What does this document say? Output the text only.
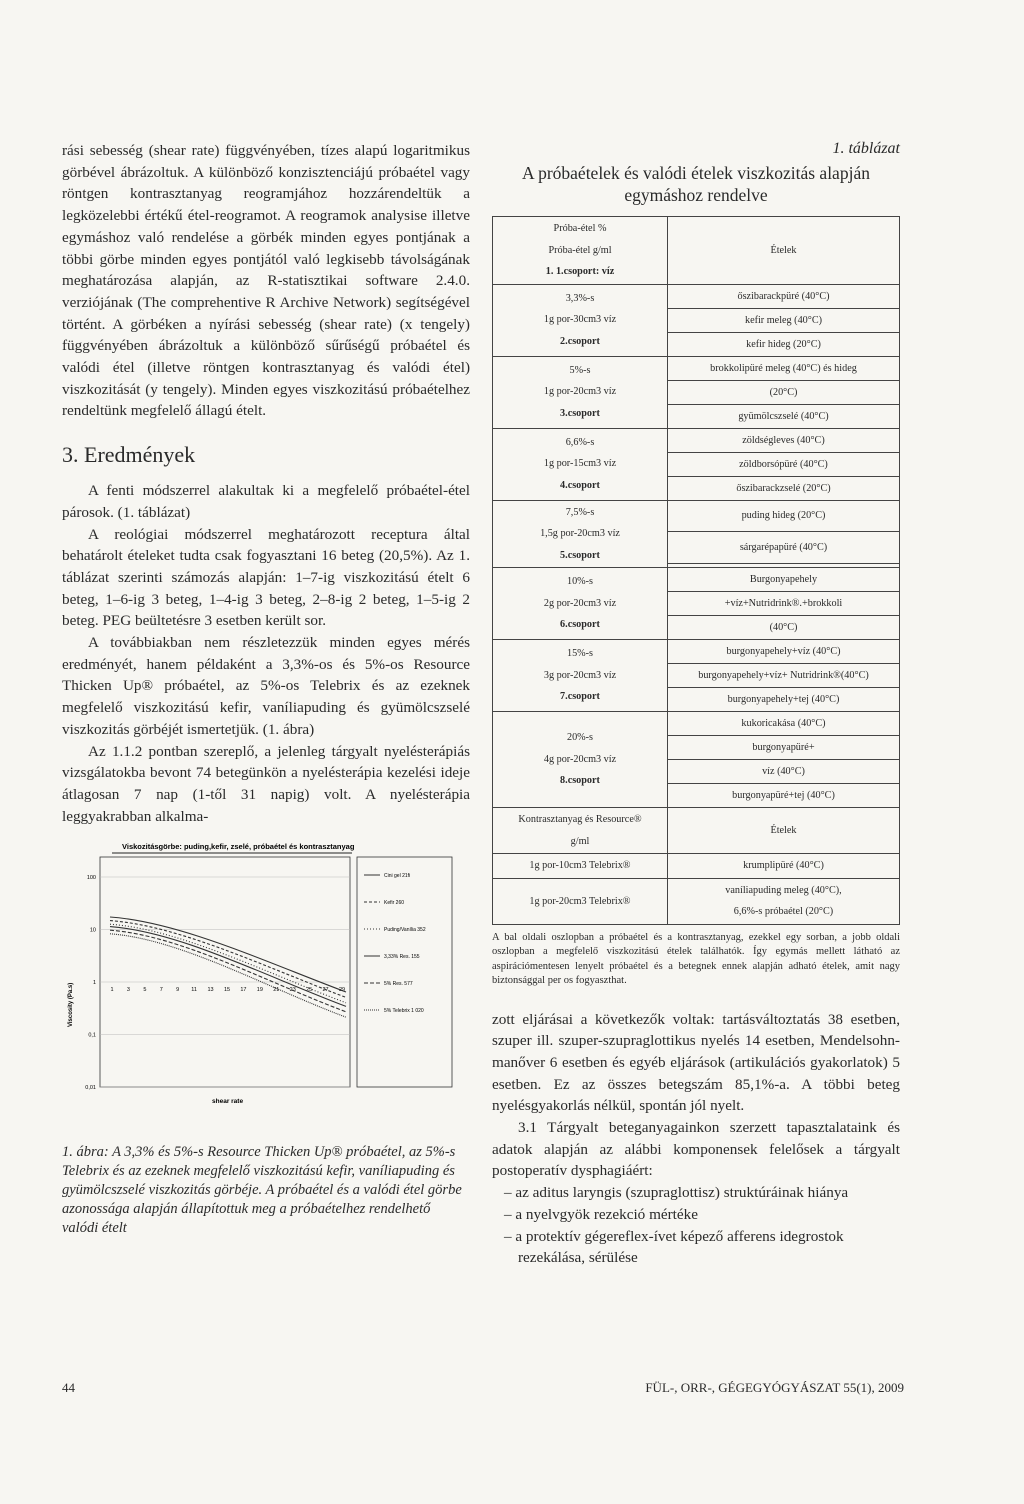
rási sebesség (shear rate) függvényében, tízes alapú logaritmikus görbével ábrázoltuk. A különböző konzisztenciájú próbaétel vagy röntgen kontrasztanyag reogramjához hozzárendeltük a legközelebbi értékű étel-reogramot. A reogramok analysise illetve egymáshoz való rendelése a görbék minden egyes pontjának a többi görbe minden egyes pontjától való legkisebb távolságának meghatározása alapján, az R-statisztikai software 2.4.0. verziójának (The comprehentive R Archive Network) segítségével történt. A görbéken a nyírási sebesség (shear rate) (x tengely) függvényében ábrázoltuk a különböző sűrűségű próbaétel és valódi étel (illetve röntgen kontrasztanyag és valódi étel) viszkozitását (y tengely). Minden egyes viszkozitású próbaételhez rendeltünk megfelelő állagú ételt.

3. Eredmények

A fenti módszerrel alakultak ki a megfelelő próbaétel-étel párosok. (1. táblázat)

A reológiai módszerrel meghatározott receptura által behatárolt ételeket tudta csak fogyasztani 16 beteg (20,5%). Az 1. táblázat szerinti számozás alapján: 1–7-ig viszkozitású ételt 6 beteg, 1–6-ig 3 beteg, 1–4-ig 3 beteg, 2–8-ig 2 beteg, 1–5-ig 2 beteg. PEG beültetésre 3 esetben került sor.

A továbbiakban nem részletezzük minden egyes mérés eredményét, hanem példaként a 3,3%-os és 5%-os Resource Thicken Up® próbaétel, az 5%-os Telebrix és az ezeknek megfelelő viszkozitású kefir, vaníliapuding és gyümölcszselé viszkozitás görbéjét ismertetjük. (1. ábra)

Az 1.1.2 pontban szereplő, a jelenleg tárgyalt nyelésterápiás vizsgálatokba bevont 74 betegünkön a nyelésterápia kezelési ideje átlagosan 7 nap (1-től 31 napig) volt. A nyelésterápia leggyakrabban alkalma-

Viskozitásgörbe: puding,kefir, zselé, próbaétel és kontrasztanyag
100
10
1
0,1
0,01
1 3 5 7 9 11 13 15 17 19 21 23 25 27 29
Cini gel 21fi
Kefir 260
Puding/Vanília 352
3,33% Res. 155
5% Res. 577
5% Telebrix 1 020
Viscosity (Pa.s)
shear rate
1. ábra: A 3,3% és 5%-s Resource Thicken Up® próbaétel, az 5%-s Telebrix és az ezeknek megfelelő viszkozitású kefir, vaníliapuding és gyümölcszselé viszkozitás görbéje. A próbaétel és a valódi étel görbe azonossága alapján állapítottuk meg a próbaételhez rendelhető valódi ételt

1. táblázat

A próbaételek és valódi ételek viszkozitás alapján egymáshoz rendelve

Próba-étel %
Próba-étel g/ml
1. 1.csoport: víz	Ételek

3,3%-s
1g por-30cm3 víz
2.csoport	őszibarackpüré (40°C)
	kefir meleg (40°C)
	kefir hideg (20°C)

5%-s
1g por-20cm3 víz
3.csoport	brokkolipüré meleg (40°C) és hideg
	(20°C)
	gyümölcszselé (40°C)

6,6%-s
1g por-15cm3 víz
4.csoport	zöldségleves (40°C)
	zöldborsópüré (40°C)
	őszibarackzselé (20°C)

7,5%-s
1,5g por-20cm3 víz
5.csoport	puding hideg (20°C)
	sárgarépapüré (40°C)

10%-s
2g por-20cm3 víz
6.csoport	Burgonyapehely
	+víz+Nutridrink®.+brokkoli
	(40°C)

15%-s
3g por-20cm3 víz
7.csoport	burgonyapehely+víz (40°C)
	burgonyapehely+víz+ Nutridrink®(40°C)
	burgonyapehely+tej (40°C)

20%-s
4g por-20cm3 víz
8.csoport	kukoricakása (40°C)
	burgonyapüré+
	víz (40°C)
	burgonyapüré+tej (40°C)

Kontrasztanyag és Resource®
g/ml	Ételek
1g por-10cm3 Telebrix®	krumplipüré (40°C)

1g por-20cm3 Telebrix®	vaníliapuding meleg (40°C),
6,6%-s próbaétel (20°C)
A bal oldali oszlopban a próbaétel és a kontrasztanyag, ezekkel egy sorban, a jobb oldali oszlopban a megfelelő viszkozitású ételek találhatók. Így egymás mellett látható az aspirációmentesen lenyelt próbaétel és a betegnek ennek alapján adható ételek, amit nagy biztonsággal per os fogyaszthat.

zott eljárásai a következők voltak: tartásváltoztatás 38 esetben, szuper ill. szuper-szupraglottikus nyelés 14 esetben, Mendelsohn-manőver 6 esetben és egyéb eljárások (artikulációs gyakorlatok) 5 esetben. Ez az összes betegszám 85,1%-a. A többi beteg nyelésgyakorlás nélkül, spontán jól nyelt.

3.1 Tárgyalt beteganyagainkon szerzett tapasztalataink és adatok alapján az alábbi komponensek felelősek a tárgyalt postoperatív dysphagiáért:

– az aditus laryngis (szupraglottisz) struktúráinak hiánya
– a nyelvgyök rezekció mértéke
– a protektív gégereflex-ívet képező afferens idegrostok rezekálása, sérülése
44	FÜL-, ORR-, GÉGEGYÓGYÁSZAT 55(1), 2009
